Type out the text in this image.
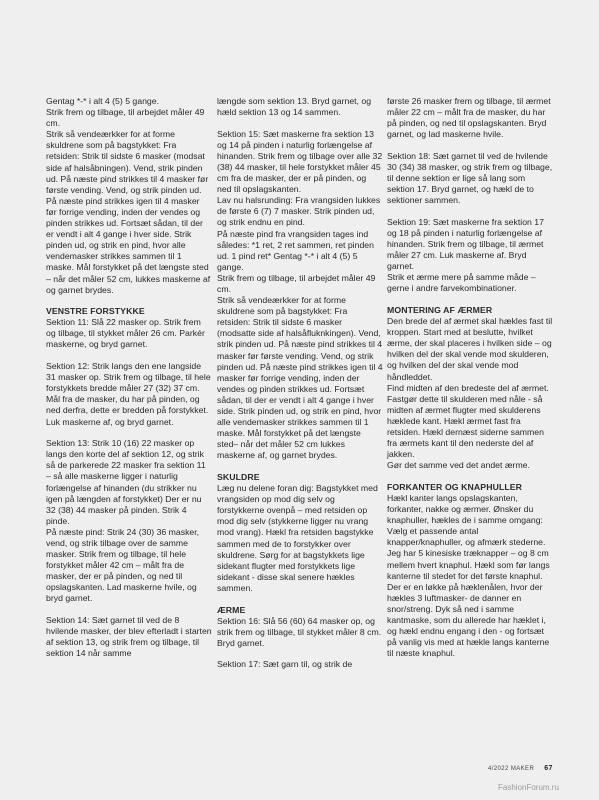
Gentag *-* i alt 4 (5) 5 gange.
Strik frem og tilbage, til arbejdet måler 49 cm.
Strik så vendeærkker for at forme skuldrene som på bagstykket: Fra retsiden: Strik til sidste 6 masker (modsat side af halsåbningen). Vend, strik pinden ud. På næste pind strikkes til 4 masker før første vending. Vend, og strik pinden ud. På næste pind strikkes igen til 4 masker før forrige vending, inden der vendes og pinden strikkes ud. Fortsæt sådan, til der er vendt i alt 4 gange i hver side. Strik pinden ud, og strik en pind, hvor alle vendemasker strikkes sammen til 1 maske. Mål forstykket på det længste sted – når det måler 52 cm, lukkes maskerne af og garnet brydes.

VENSTRE FORSTYKKE

Sektion 11: Slå 22 masker op. Strik frem og tilbage, til stykket måler 26 cm. Parkér maskerne, og bryd garnet.

Sektion 12: Strik langs den ene langside 31 masker op. Strik frem og tilbage, til hele forstykkets bredde måler 27 (32) 37 cm. Mål fra de masker, du har på pinden, og ned derfra, dette er bredden på forstykket. Luk maskerne af, og bryd garnet.

Sektion 13: Strik 10 (16) 22 masker op langs den korte del af sektion 12, og strik så de parkerede 22 masker fra sektion 11 – så alle maskerne ligger i naturlig forlængelse af hinanden (du strikker nu igen på længden af forstykket) Der er nu 32 (38) 44 masker på pinden. Strik 4 pinde.
På næste pind: Strik 24 (30) 36 masker, vend, og strik tilbage over de samme masker. Strik frem og tilbage, til hele forstykket måler 42 cm – målt fra de masker, der er på pinden, og ned til opslagskanten. Lad maskerne hvile, og bryd garnet.

Sektion 14: Sæt garnet til ved de 8 hvilende masker, der blev efterladt i starten af sektion 13, og strik frem og tilbage, til sektion 14 når samme

længde som sektion 13. Bryd garnet, og hæld sektion 13 og 14 sammen.

Sektion 15: Sæt maskerne fra sektion 13 og 14 på pinden i naturlig forlængelse af hinanden. Strik frem og tilbage over alle 32 (38) 44 masker, til hele forstykket måler 45 cm fra de masker, der er på pinden, og ned til opslagskanten.
Lav nu halsrunding: Fra vrangsiden lukkes de første 6 (7) 7 masker. Strik pinden ud, og strik endnu en pind.
På næste pind fra vrangsiden tages ind således: *1 ret, 2 ret sammen, ret pinden ud. 1 pind ret* Gentag *-* i alt 4 (5) 5 gange.
Strik frem og tilbage, til arbejdet måler 49 cm.
Strik så vendeærkker for at forme skuldrene som på bagstykket: Fra retsiden: Strik til sidste 6 masker (modsatte side af halsåfluknkingen). Vend, strik pinden ud. På næste pind strikkes til 4 masker før første vending. Vend, og strik pinden ud. På næste pind strikkes igen til 4 masker før forrige vending, inden der vendes og pinden strikkes ud. Fortsæt sådan, til der er vendt i alt 4 gange i hver side. Strik pinden ud, og strik en pind, hvor alle vendemasker strikkes sammen til 1 maske. Mål forstykket på det længste sted– når det måler 52 cm lukkes maskerne af, og garnet brydes.

SKULDRE

Læg nu delene foran dig: Bagstykket med vrangsiden op mod dig selv og forstykkerne ovenpå – med retsiden op mod dig selv (stykkerne ligger nu vrang mod vrang). Hækl fra retsiden bagstykke sammen med de to forstykker over skuldrene. Sørg for at bagstykkets lige sidekant flugter med forstykkets lige sidekant - disse skal senere hækles sammen.

ÆRME

Sektion 16: Slå 56 (60) 64 masker op, og strik frem og tilbage, til stykket måler 8 cm. Bryd garnet.

Sektion 17: Sæt garn til, og strik de

første 26 masker frem og tilbage, til ærmet måler 22 cm – målt fra de masker, du har på pinden, og ned til opslagskanten. Bryd garnet, og lad maskerne hvile.

Sektion 18: Sæt garnet til ved de hvilende 30 (34) 38 masker, og strik frem og tilbage, til denne sektion er lige så lang som sektion 17. Bryd garnet, og hækl de to sektioner sammen.

Sektion 19: Sæt maskerne fra sektion 17 og 18 på pinden i naturlig forlængelse af hinanden. Strik frem og tilbage, til ærmet måler 27 cm. Luk maskerne af. Bryd garnet.
Strik et ærme mere på samme måde – gerne i andre farvekombinationer.

MONTERING AF ÆRMER

Den brede del af ærmet skal hækles fast til kroppen. Start med at beslutte, hvilket ærme, der skal placeres i hvilken side – og hvilken del der skal vende mod skulderen, og hvilken del der skal vende mod håndleddet.
Find midten af den bredeste del af ærmet. Fastgør dette til skulderen med nåle - så midten af ærmet flugter med skulderens hæklede kant. Hækl ærmet fast fra retsiden. Hækl dernæst siderne sammen fra ærmets kant til den nederste del af jakken.
Gør det samme ved det andet ærme.

FORKANTER OG KNAPHULLER

Hækl kanter langs opslagskanten, forkanter, nakke og ærmer. Ønsker du knaphuller, hækles de i samme omgang:
Vælg et passende antal knapper/knaphuller, og afmærk stederne. Jeg har 5 kinesiske træknapper – og 8 cm mellem hvert knaphul. Hækl som før langs kanterne til stedet for det første knaphul. Der er en løkke på hæklenålen, hvor der hækles 3 luftmasker- de danner en snor/streng. Dyk så ned i samme kantmaske, som du allerede har hæklet i, og hækl endnu engang i den - og fortsæt på vanlig vis med at hækle langs kanterne til næste knaphul.

4/2022 MAKER 67
FashionForum.ru
